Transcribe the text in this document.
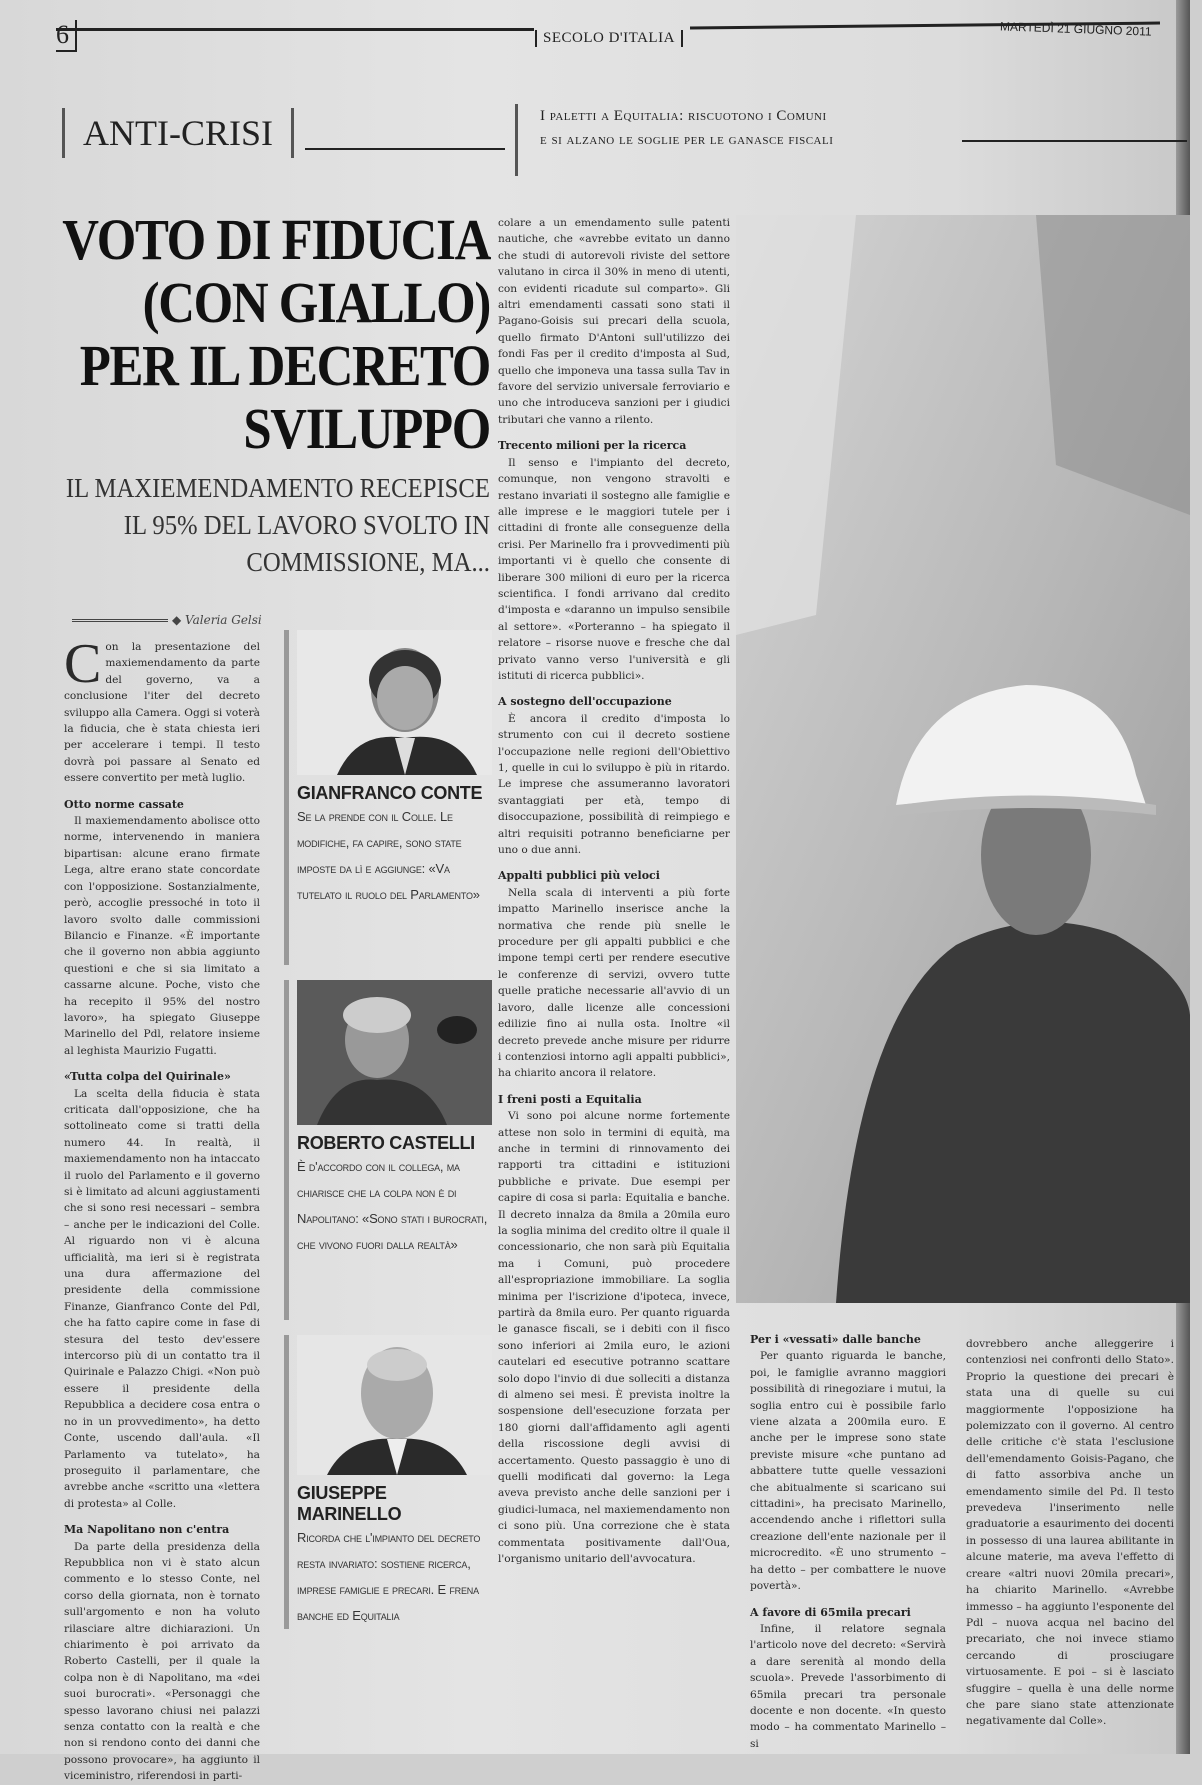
6	SECOLO D'ITALIA	MARTEDÌ 21 GIUGNO 2011
ANTI-CRISI	I paletti a Equitalia: riscuotono i Comuni
e si alzano le soglie per le ganasce fiscali
VOTO DI FIDUCIA (CON GIALLO) PER IL DECRETO SVILUPPO
IL MAXIEMENDAMENTO RECEPISCE IL 95% DEL LAVORO SVOLTO IN COMMISSIONE, MA...
◆ Valeria Gelsi

Con la presentazione del maxiemendamento da parte del governo, va a conclusione l'iter del decreto sviluppo alla Camera. Oggi si voterà la fiducia, che è stata chiesta ieri per accelerare i tempi. Il testo dovrà poi passare al Senato ed essere convertito per metà luglio.

Otto norme cassate

Il maxiemendamento abolisce otto norme, intervenendo in maniera bipartisan: alcune erano firmate Lega, altre erano state concordate con l'opposizione. Sostanzialmente, però, accoglie pressoché in toto il lavoro svolto dalle commissioni Bilancio e Finanze. «È importante che il governo non abbia aggiunto questioni e che si sia limitato a cassarne alcune. Poche, visto che ha recepito il 95% del nostro lavoro», ha spiegato Giuseppe Marinello del Pdl, relatore insieme al leghista Maurizio Fugatti.

«Tutta colpa del Quirinale»

La scelta della fiducia è stata criticata dall'opposizione, che ha sottolineato come si tratti della numero 44. In realtà, il maxiemendamento non ha intaccato il ruolo del Parlamento e il governo si è limitato ad alcuni aggiustamenti che si sono resi necessari – sembra – anche per le indicazioni del Colle. Al riguardo non vi è alcuna ufficialità, ma ieri si è registrata una dura affermazione del presidente della commissione Finanze, Gianfranco Conte del Pdl, che ha fatto capire come in fase di stesura del testo dev'essere intercorso più di un contatto tra il Quirinale e Palazzo Chigi. «Non può essere il presidente della Repubblica a decidere cosa entra o no in un provvedimento», ha detto Conte, uscendo dall'aula. «Il Parlamento va tutelato», ha proseguito il parlamentare, che avrebbe anche «scritto una «lettera di protesta» al Colle.

Ma Napolitano non c'entra

Da parte della presidenza della Repubblica non vi è stato alcun commento e lo stesso Conte, nel corso della giornata, non è tornato sull'argomento e non ha voluto rilasciare altre dichiarazioni. Un chiarimento è poi arrivato da Roberto Castelli, per il quale la colpa non è di Napolitano, ma «dei suoi burocrati». «Personaggi che spesso lavorano chiusi nei palazzi senza contatto con la realtà e che non si rendono conto dei danni che possono provocare», ha aggiunto il viceministro, riferendosi in parti-

GIANFRANCO CONTE
Se la prende con il Colle. Le modifiche, fa capire, sono state imposte da lì e aggiunge: «Va tutelato il ruolo del Parlamento»
ROBERTO CASTELLI
È d'accordo con il collega, ma chiarisce che la colpa non è di Napolitano: «Sono stati i burocrati, che vivono fuori dalla realtà»
GIUSEPPE MARINELLO
Ricorda che l'impianto del decreto resta invariato: sostiene ricerca, imprese famiglie e precari. E frena banche ed Equitalia

colare a un emendamento sulle patenti nautiche, che «avrebbe evitato un danno che studi di autorevoli riviste del settore valutano in circa il 30% in meno di utenti, con evidenti ricadute sul comparto». Gli altri emendamenti cassati sono stati il Pagano-Goisis sui precari della scuola, quello firmato D'Antoni sull'utilizzo dei fondi Fas per il credito d'imposta al Sud, quello che imponeva una tassa sulla Tav in favore del servizio universale ferroviario e uno che introduceva sanzioni per i giudici tributari che vanno a rilento.

Trecento milioni per la ricerca

Il senso e l'impianto del decreto, comunque, non vengono stravolti e restano invariati il sostegno alle famiglie e alle imprese e le maggiori tutele per i cittadini di fronte alle conseguenze della crisi. Per Marinello fra i provvedimenti più importanti vi è quello che consente di liberare 300 milioni di euro per la ricerca scientifica. I fondi arrivano dal credito d'imposta e «daranno un impulso sensibile al settore». «Porteranno – ha spiegato il relatore – risorse nuove e fresche che dal privato vanno verso l'università e gli istituti di ricerca pubblici».

A sostegno dell'occupazione

È ancora il credito d'imposta lo strumento con cui il decreto sostiene l'occupazione nelle regioni dell'Obiettivo 1, quelle in cui lo sviluppo è più in ritardo. Le imprese che assumeranno lavoratori svantaggiati per età, tempo di disoccupazione, possibilità di reimpiego e altri requisiti potranno beneficiarne per uno o due anni.

Appalti pubblici più veloci

Nella scala di interventi a più forte impatto Marinello inserisce anche la normativa che rende più snelle le procedure per gli appalti pubblici e che impone tempi certi per rendere esecutive le conferenze di servizi, ovvero tutte quelle pratiche necessarie all'avvio di un lavoro, dalle licenze alle concessioni edilizie fino ai nulla osta. Inoltre «il decreto prevede anche misure per ridurre i contenziosi intorno agli appalti pubblici», ha chiarito ancora il relatore.

I freni posti a Equitalia

Vi sono poi alcune norme fortemente attese non solo in termini di equità, ma anche in termini di rinnovamento dei rapporti tra cittadini e istituzioni pubbliche e private. Due esempi per capire di cosa si parla: Equitalia e banche. Il decreto innalza da 8mila a 20mila euro la soglia minima del credito oltre il quale il concessionario, che non sarà più Equitalia ma i Comuni, può procedere all'espropriazione immobiliare. La soglia minima per l'iscrizione d'ipoteca, invece, partirà da 8mila euro. Per quanto riguarda le ganasce fiscali, se i debiti con il fisco sono inferiori ai 2mila euro, le azioni cautelari ed esecutive potranno scattare solo dopo l'invio di due solleciti a distanza di almeno sei mesi. È prevista inoltre la sospensione dell'esecuzione forzata per 180 giorni dall'affidamento agli agenti della riscossione degli avvisi di accertamento. Questo passaggio è uno di quelli modificati dal governo: la Lega aveva previsto anche delle sanzioni per i giudici-lumaca, nel maxiemendamento non ci sono più. Una correzione che è stata commentata positivamente dall'Oua, l'organismo unitario dell'avvocatura.

Per i «vessati» dalle banche

Per quanto riguarda le banche, poi, le famiglie avranno maggiori possibilità di rinegoziare i mutui, la soglia entro cui è possibile farlo viene alzata a 200mila euro. E anche per le imprese sono state previste misure «che puntano ad abbattere tutte quelle vessazioni che abitualmente si scaricano sui cittadini», ha precisato Marinello, accendendo anche i riflettori sulla creazione dell'ente nazionale per il microcredito. «È uno strumento – ha detto – per combattere le nuove povertà».

A favore di 65mila precari

Infine, il relatore segnala l'articolo nove del decreto: «Servirà a dare serenità al mondo della scuola». Prevede l'assorbimento di 65mila precari tra personale docente e non docente. «In questo modo – ha commentato Marinello – si

dovrebbero anche alleggerire i contenziosi nei confronti dello Stato». Proprio la questione dei precari è stata una di quelle su cui maggiormente l'opposizione ha polemizzato con il governo. Al centro delle critiche c'è stata l'esclusione dell'emendamento Goisis-Pagano, che di fatto assorbiva anche un emendamento simile del Pd. Il testo prevedeva l'inserimento nelle graduatorie a esaurimento dei docenti in possesso di una laurea abilitante in alcune materie, ma aveva l'effetto di creare «altri nuovi 20mila precari», ha chiarito Marinello. «Avrebbe immesso – ha aggiunto l'esponente del Pdl – nuova acqua nel bacino del precariato, che noi invece stiamo cercando di prosciugare virtuosamente. E poi – si è lasciato sfuggire – quella è una delle norme che pare siano state attenzionate negativamente dal Colle».
